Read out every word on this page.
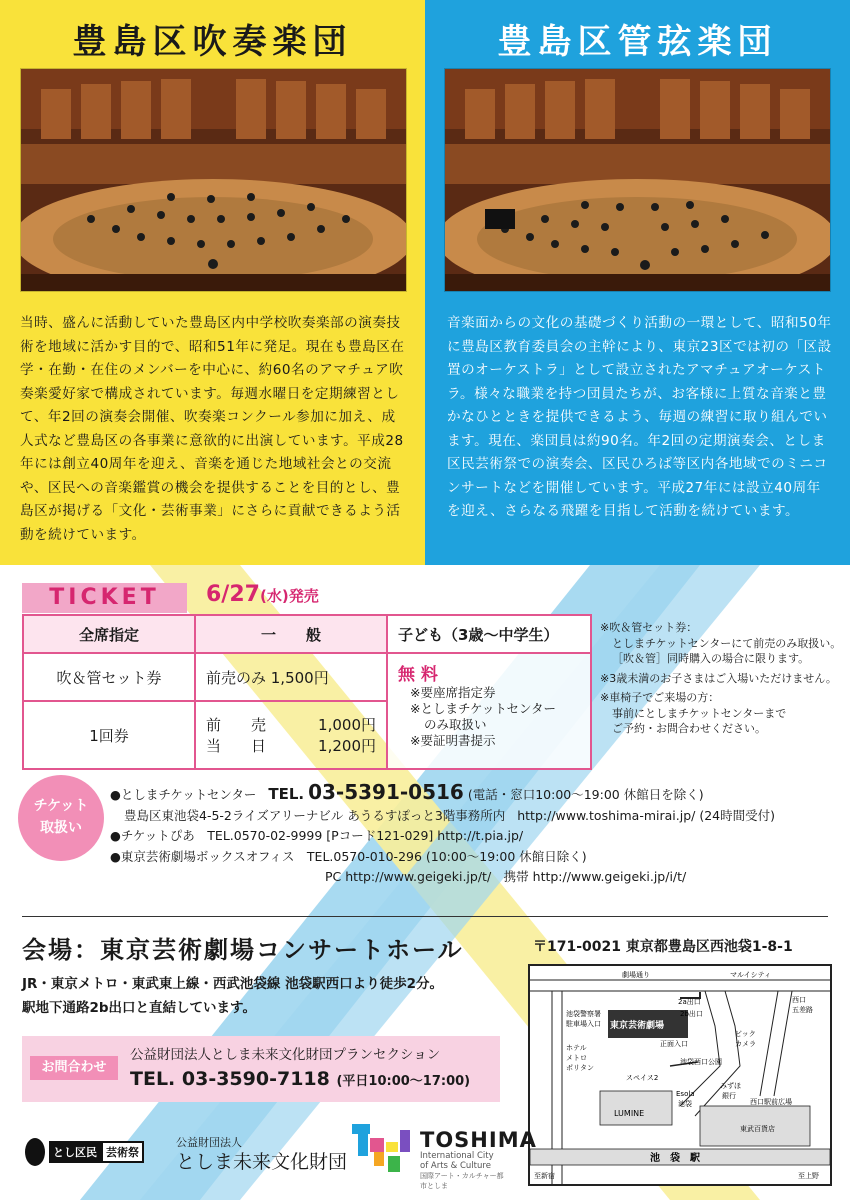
豊島区吹奏楽団	豊島区管弦楽団
当時、盛んに活動していた豊島区内中学校吹奏楽部の演奏技術を地域に活かす目的で、昭和51年に発足。現在も豊島区在学・在勤・在住のメンバーを中心に、約60名のアマチュア吹奏楽愛好家で構成されています。毎週水曜日を定期練習として、年2回の演奏会開催、吹奏楽コンクール参加に加え、成人式など豊島区の各事業に意欲的に出演しています。平成28年には創立40周年を迎え、音楽を通じた地域社会との交流や、区民への音楽鑑賞の機会を提供することを目的とし、豊島区が掲げる「文化・芸術事業」にさらに貢献できるよう活動を続けています。
音楽面からの文化の基礎づくり活動の一環として、昭和50年に豊島区教育委員会の主幹により、東京23区では初の「区設置のオーケストラ」として設立されたアマチュアオーケストラ。様々な職業を持つ団員たちが、お客様に上質な音楽と豊かなひとときを提供できるよう、毎週の練習に取り組んでいます。現在、楽団員は約90名。年2回の定期演奏会、としま区民芸術祭での演奏会、区民ひろば等区内各地域でのミニコンサートなどを開催しています。平成27年には設立40周年を迎え、さらなる飛躍を目指して活動を続けています。
TICKET	6/27(水)発売
全席指定	一　　般	子ども（3歳〜中学生）
吹＆管セット券	前売のみ 1,500円	無 料
※要座席指定券
※としまチケットセンター
のみ取扱い
※要証明書提示

1回券	前　　売 1,000円
当　　日 1,200円	
※吹＆管セット券：
としまチケットセンターにて前売のみ取扱い。
［吹＆管］同時購入の場合に限ります。
※3歳未満のお子さまはご入場いただけません。
※車椅子でご来場の方：
事前にとしまチケットセンターまで
ご予約・お問合わせください。
チケット
取扱い
●としまチケットセンター TEL. 03-5391-0516 (電話・窓口10:00〜19:00 休館日を除く)
豊島区東池袋4-5-2ライズアリーナビル あうるすぽっと3階事務所内 http://www.toshima-mirai.jp/ (24時間受付)
●チケットぴあ　TEL.0570-02-9999 [Pコード121-029] http://t.pia.jp/
●東京芸術劇場ボックスオフィス　TEL.0570-010-296 (10:00〜19:00 休館日除く)
PC http://www.geigeki.jp/t/　携帯 http://www.geigeki.jp/i/t/
会場：東京芸術劇場コンサートホール	〒171-0021 東京都豊島区西池袋1-8-1
JR・東京メトロ・東武東上線・西武池袋線 池袋駅西口より徒歩2分。
駅地下通路2b出口と直結しています。
お問合わせ
公益財団法人としま未来文化財団プランセクション
TEL. 03-3590-7118 (平日10:00〜17:00)
劇場通り	マルイシティ
2a出口
2b出口
西口
五差路
池袋警察署
駐車場入口 東京芸術劇場
ビック
カメラ
ホテル
メトロ
ポリタン
正面入口
池袋西口公園
スペイス2
Esola
池袋
みずほ
銀行
西口駅前広場
LUMINE
東武百貨店
池　袋　駅
至新宿	至上野
とし区民 芸術祭
公益財団法人
としま未来文化財団
TOSHIMA
International City
of Arts & Culture
国際アート・カルチャー都市としま
